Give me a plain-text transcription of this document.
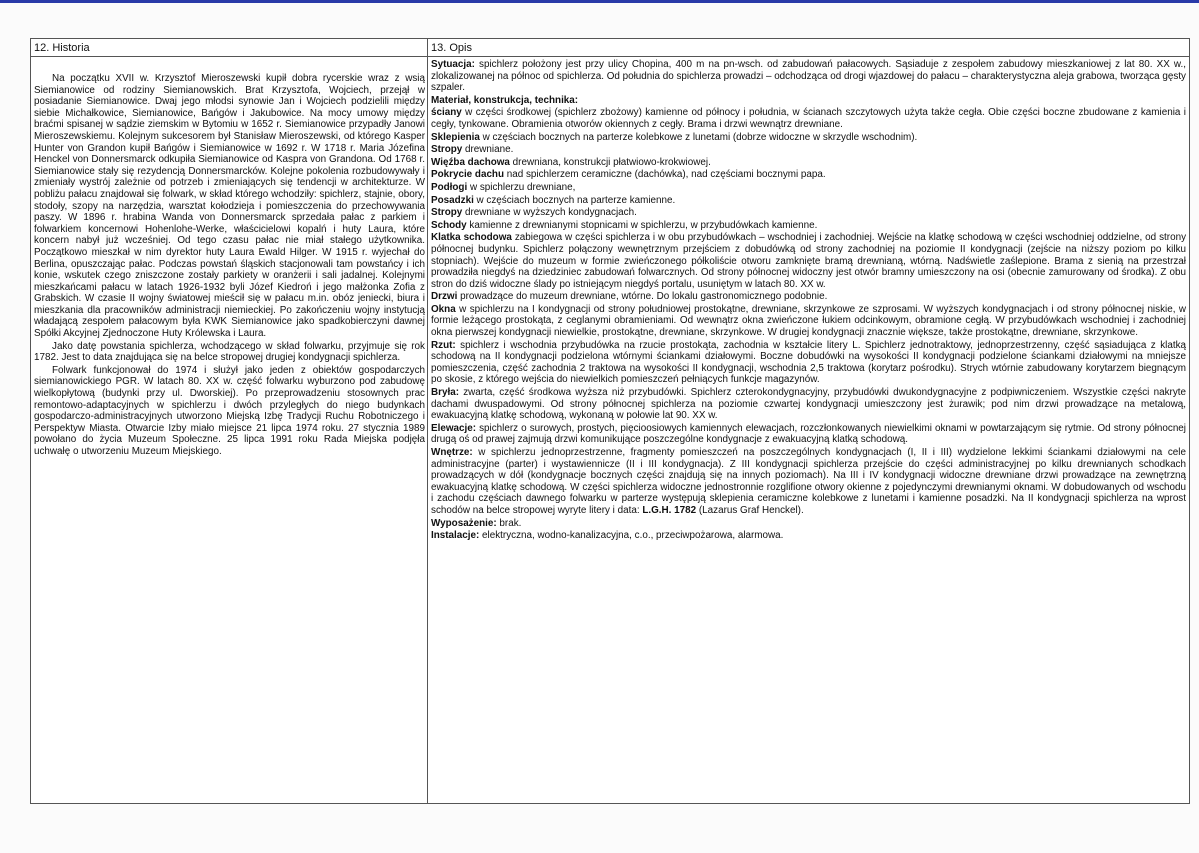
12. Historia

Na początku XVII w. Krzysztof Mieroszewski kupił dobra rycerskie wraz z wsią Siemianowice od rodziny Siemianowskich. Brat Krzysztofa, Wojciech, przejął w posiadanie Siemianowice. Dwaj jego młodsi synowie Jan i Wojciech podzielili między siebie Michałkowice, Siemianowice, Bańgów i Jakubowice. Na mocy umowy między braćmi spisanej w sądzie ziemskim w Bytomiu w 1652 r. Siemianowice przypadły Janowi Mieroszewskiemu. Kolejnym sukcesorem był Stanisław Mieroszewski, od którego Kasper Hunter von Grandon kupił Bańgów i Siemianowice w 1692 r. W 1718 r. Maria Józefina Henckel von Donnersmarck odkupiła Siemianowice od Kaspra von Grandona. Od 1768 r. Siemianowice stały się rezydencją Donnersmarcków. Kolejne pokolenia rozbudowywały i zmieniały wystrój zależnie od potrzeb i zmieniających się tendencji w architekturze. W pobliżu pałacu znajdował się folwark, w skład którego wchodziły: spichlerz, stajnie, obory, stodoły, szopy na narzędzia, warsztat kołodzieja i pomieszczenia do przechowywania paszy. W 1896 r. hrabina Wanda von Donnersmarck sprzedała pałac z parkiem i folwarkiem koncernowi Hohenlohe-Werke, właścicielowi kopalń i huty Laura, które koncern nabył już wcześniej. Od tego czasu pałac nie miał stałego użytkownika. Początkowo mieszkał w nim dyrektor huty Laura Ewald Hilger. W 1915 r. wyjechał do Berlina, opuszczając pałac. Podczas powstań śląskich stacjonowali tam powstańcy i ich konie, wskutek czego zniszczone zostały parkiety w oranżerii i sali jadalnej. Kolejnymi mieszkańcami pałacu w latach 1926-1932 byli Józef Kiedroń i jego małżonka Zofia z Grabskich. W czasie II wojny światowej mieścił się w pałacu m.in. obóz jeniecki, biura i mieszkania dla pracowników administracji niemieckiej. Po zakończeniu wojny instytucją władającą zespołem pałacowym była KWK Siemianowice jako spadkobierczyni dawnej Spółki Akcyjnej Zjednoczone Huty Królewska i Laura.

Jako datę powstania spichlerza, wchodzącego w skład folwarku, przyjmuje się rok 1782. Jest to data znajdująca się na belce stropowej drugiej kondygnacji spichlerza.

Folwark funkcjonował do 1974 i służył jako jeden z obiektów gospodarczych siemianowickiego PGR. W latach 80. XX w. część folwarku wyburzono pod zabudowę wielkopłytową (budynki przy ul. Dworskiej). Po przeprowadzeniu stosownych prac remontowo-adaptacyjnych w spichlerzu i dwóch przyległych do niego budynkach gospodarczo-administracyjnych utworzono Miejską Izbę Tradycji Ruchu Robotniczego i Perspektyw Miasta. Otwarcie Izby miało miejsce 21 lipca 1974 roku. 27 stycznia 1989 powołano do życia Muzeum Społeczne. 25 lipca 1991 roku Rada Miejska podjęła uchwałę o utworzeniu Muzeum Miejskiego.

13. Opis

Sytuacja: spichlerz położony jest przy ulicy Chopina, 400 m na pn-wsch. od zabudowań pałacowych. Sąsiaduje z zespołem zabudowy mieszkaniowej z lat 80. XX w., zlokalizowanej na północ od spichlerza. Od południa do spichlerza prowadzi – odchodząca od drogi wjazdowej do pałacu – charakterystyczna aleja grabowa, tworząca gęsty szpaler.

Materiał, konstrukcja, technika:

ściany w części środkowej (spichlerz zbożowy) kamienne od północy i południa, w ścianach szczytowych użyta także cegła. Obie części boczne zbudowane z kamienia i cegły, tynkowane. Obramienia otworów okiennych z cegły. Brama i drzwi wewnątrz drewniane.

Sklepienia w częściach bocznych na parterze kolebkowe z lunetami (dobrze widoczne w skrzydle wschodnim).

Stropy drewniane.

Więźba dachowa drewniana, konstrukcji płatwiowo-krokwiowej.

Pokrycie dachu nad spichlerzem ceramiczne (dachówka), nad częściami bocznymi papa.

Podłogi w spichlerzu drewniane,

Posadzki w częściach bocznych na parterze kamienne.

Stropy drewniane w wyższych kondygnacjach.

Schody kamienne z drewnianymi stopnicami w spichlerzu, w przybudówkach kamienne.

Klatka schodowa zabiegowa w części spichlerza i w obu przybudówkach – wschodniej i zachodniej. Wejście na klatkę schodową w części wschodniej oddzielne, od strony północnej budynku. Spichlerz połączony wewnętrznym przejściem z dobudówką od strony zachodniej na poziomie II kondygnacji (zejście na niższy poziom po kilku stopniach). Wejście do muzeum w formie zwieńczonego półkoliście otworu zamknięte bramą drewnianą, wtórną. Nadświetle zaślepione. Brama z sienią na przestrzał prowadziła niegdyś na dziedziniec zabudowań folwarcznych. Od strony północnej widoczny jest otwór bramny umieszczony na osi (obecnie zamurowany od środka). Z obu stron do dziś widoczne ślady po istniejącym niegdyś portalu, usuniętym w latach 80. XX w.

Drzwi prowadzące do muzeum drewniane, wtórne. Do lokalu gastronomicznego podobnie.

Okna w spichlerzu na I kondygnacji od strony południowej prostokątne, drewniane, skrzynkowe ze szprosami. W wyższych kondygnacjach i od strony północnej niskie, w formie leżącego prostokąta, z ceglanymi obramieniami. Od wewnątrz okna zwieńczone łukiem odcinkowym, obramione cegłą. W przybudówkach wschodniej i zachodniej okna pierwszej kondygnacji niewielkie, prostokątne, drewniane, skrzynkowe. W drugiej kondygnacji znacznie większe, także prostokątne, drewniane, skrzynkowe.

Rzut: spichlerz i wschodnia przybudówka na rzucie prostokąta, zachodnia w kształcie litery L. Spichlerz jednotraktowy, jednoprzestrzenny, część sąsiadująca z klatką schodową na II kondygnacji podzielona wtórnymi ściankami działowymi. Boczne dobudówki na wysokości II kondygnacji podzielone ściankami działowymi na mniejsze pomieszczenia, część zachodnia 2 traktowa na wysokości II kondygnacji, wschodnia 2,5 traktowa (korytarz pośrodku). Strych wtórnie zabudowany korytarzem biegnącym po skosie, z którego wejścia do niewielkich pomieszczeń pełniących funkcje magazynów.

Bryła: zwarta, część środkowa wyższa niż przybudówki. Spichlerz czterokondygnacyjny, przybudówki dwukondygnacyjne z podpiwniczeniem. Wszystkie części nakryte dachami dwuspadowymi. Od strony północnej spichlerza na poziomie czwartej kondygnacji umieszczony jest żurawik; pod nim drzwi prowadzące na metalową, ewakuacyjną klatkę schodową, wykonaną w połowie lat 90. XX w.

Elewacje: spichlerz o surowych, prostych, pięcioosiowych kamiennych elewacjach, rozczłonkowanych niewielkimi oknami w powtarzającym się rytmie. Od strony północnej drugą oś od prawej zajmują drzwi komunikujące poszczególne kondygnacje z ewakuacyjną klatką schodową.

Wnętrze: w spichlerzu jednoprzestrzenne, fragmenty pomieszczeń na poszczególnych kondygnacjach (I, II i III) wydzielone lekkimi ściankami działowymi na cele administracyjne (parter) i wystawiennicze (II i III kondygnacja). Z III kondygnacji spichlerza przejście do części administracyjnej po kilku drewnianych schodkach prowadzących w dół (kondygnacje bocznych części znajdują się na innych poziomach). Na III i IV kondygnacji widoczne drewniane drzwi prowadzące na zewnętrzną ewakuacyjną klatkę schodową. W części spichlerza widoczne jednostronnie rozglifione otwory okienne z pojedynczymi drewnianymi oknami. W dobudowanych od wschodu i zachodu częściach dawnego folwarku w parterze występują sklepienia ceramiczne kolebkowe z lunetami i kamienne posadzki. Na II kondygnacji spichlerza na wprost schodów na belce stropowej wyryte litery i data: L.G.H. 1782 (Lazarus Graf Henckel).

Wyposażenie: brak.

Instalacje: elektryczna, wodno-kanalizacyjna, c.o., przeciwpożarowa, alarmowa.
